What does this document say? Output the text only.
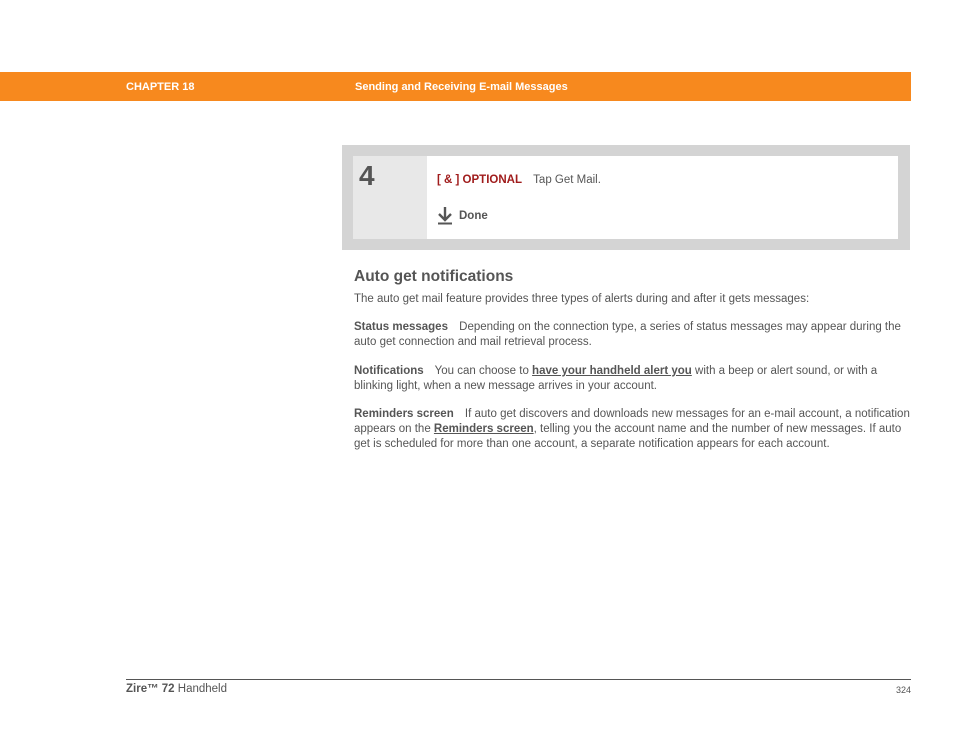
CHAPTER 18	Sending and Receiving E-mail Messages
4	[ & ] OPTIONAL Tap Get Mail.
Done
Auto get notifications
The auto get mail feature provides three types of alerts during and after it gets messages:
Status messages Depending on the connection type, a series of status messages may appear during the auto get connection and mail retrieval process.
Notifications You can choose to have your handheld alert you with a beep or alert sound, or with a blinking light, when a new message arrives in your account.
Reminders screen If auto get discovers and downloads new messages for an e-mail account, a notification appears on the Reminders screen, telling you the account name and the number of new messages. If auto get is scheduled for more than one account, a separate notification appears for each account.
Zire™ 72 Handheld	324
